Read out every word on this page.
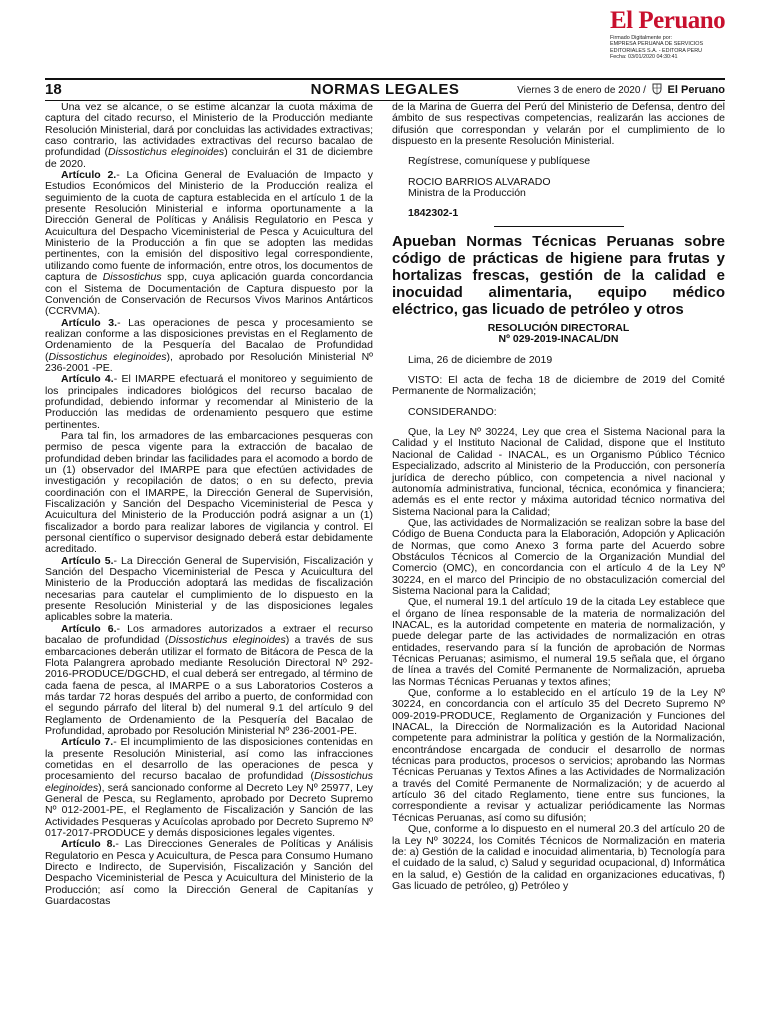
El Peruano
Firmado Digitalmente por:
EMPRESA PERUANA DE SERVICIOS
EDITORIALES S.A. - EDITORA PERU
Fecha: 03/01/2020 04:30:41
18	NORMAS LEGALES	Viernes 3 de enero de 2020 / El Peruano

Una vez se alcance, o se estime alcanzar la cuota máxima de captura del citado recurso, el Ministerio de la Producción mediante Resolución Ministerial, dará por concluidas las actividades extractivas; caso contrario, las actividades extractivas del recurso bacalao de profundidad (Dissostichus eleginoides) concluirán el 31 de diciembre de 2020.

Artículo 2.- La Oficina General de Evaluación de Impacto y Estudios Económicos del Ministerio de la Producción realiza el seguimiento de la cuota de captura establecida en el artículo 1 de la presente Resolución Ministerial e informa oportunamente a la Dirección General de Políticas y Análisis Regulatorio en Pesca y Acuicultura del Despacho Viceministerial de Pesca y Acuicultura del Ministerio de la Producción a fin que se adopten las medidas pertinentes, con la emisión del dispositivo legal correspondiente, utilizando como fuente de información, entre otros, los documentos de captura de Dissostichus spp, cuya aplicación guarda concordancia con el Sistema de Documentación de Captura dispuesto por la Convención de Conservación de Recursos Vivos Marinos Antárticos (CCRVMA).

Artículo 3.- Las operaciones de pesca y procesamiento se realizan conforme a las disposiciones previstas en el Reglamento de Ordenamiento de la Pesquería del Bacalao de Profundidad (Dissostichus eleginoides), aprobado por Resolución Ministerial Nº 236-2001 -PE.

Artículo 4.- El IMARPE efectuará el monitoreo y seguimiento de los principales indicadores biológicos del recurso bacalao de profundidad, debiendo informar y recomendar al Ministerio de la Producción las medidas de ordenamiento pesquero que estime pertinentes.

Para tal fin, los armadores de las embarcaciones pesqueras con permiso de pesca vigente para la extracción de bacalao de profundidad deben brindar las facilidades para el acomodo a bordo de un (1) observador del IMARPE para que efectúen actividades de investigación y recopilación de datos; o en su defecto, previa coordinación con el IMARPE, la Dirección General de Supervisión, Fiscalización y Sanción del Despacho Viceministerial de Pesca y Acuicultura del Ministerio de la Producción podrá asignar a un (1) fiscalizador a bordo para realizar labores de vigilancia y control. El personal científico o supervisor designado deberá estar debidamente acreditado.

Artículo 5.- La Dirección General de Supervisión, Fiscalización y Sanción del Despacho Viceministerial de Pesca y Acuicultura del Ministerio de la Producción adoptará las medidas de fiscalización necesarias para cautelar el cumplimiento de lo dispuesto en la presente Resolución Ministerial y de las disposiciones legales aplicables sobre la materia.

Artículo 6.- Los armadores autorizados a extraer el recurso bacalao de profundidad (Dissostichus eleginoides) a través de sus embarcaciones deberán utilizar el formato de Bitácora de Pesca de la Flota Palangrera aprobado mediante Resolución Directoral Nº 292-2016-PRODUCE/DGCHD, el cual deberá ser entregado, al término de cada faena de pesca, al IMARPE o a sus Laboratorios Costeros a más tardar 72 horas después del arribo a puerto, de conformidad con el segundo párrafo del literal b) del numeral 9.1 del artículo 9 del Reglamento de Ordenamiento de la Pesquería del Bacalao de Profundidad, aprobado por Resolución Ministerial Nº 236-2001-PE.

Artículo 7.- El incumplimiento de las disposiciones contenidas en la presente Resolución Ministerial, así como las infracciones cometidas en el desarrollo de las operaciones de pesca y procesamiento del recurso bacalao de profundidad (Dissostichus eleginoides), será sancionado conforme al Decreto Ley Nº 25977, Ley General de Pesca, su Reglamento, aprobado por Decreto Supremo Nº 012-2001-PE, el Reglamento de Fiscalización y Sanción de las Actividades Pesqueras y Acuícolas aprobado por Decreto Supremo Nº 017-2017-PRODUCE y demás disposiciones legales vigentes.

Artículo 8.- Las Direcciones Generales de Políticas y Análisis Regulatorio en Pesca y Acuicultura, de Pesca para Consumo Humano Directo e Indirecto, de Supervisión, Fiscalización y Sanción del Despacho Viceministerial de Pesca y Acuicultura del Ministerio de la Producción; así como la Dirección General de Capitanías y Guardacostas

de la Marina de Guerra del Perú del Ministerio de Defensa, dentro del ámbito de sus respectivas competencias, realizarán las acciones de difusión que correspondan y velarán por el cumplimiento de lo dispuesto en la presente Resolución Ministerial.

Regístrese, comuníquese y publíquese

ROCIO BARRIOS ALVARADO

Ministra de la Producción

1842302-1

Apueban Normas Técnicas Peruanas sobre código de prácticas de higiene para frutas y hortalizas frescas, gestión de la calidad e inocuidad alimentaria, equipo médico eléctrico, gas licuado de petróleo y otros

RESOLUCIÓN DIRECTORAL

Nº 029-2019-INACAL/DN

Lima, 26 de diciembre de 2019

VISTO: El acta de fecha 18 de diciembre de 2019 del Comité Permanente de Normalización;

CONSIDERANDO:

Que, la Ley Nº 30224, Ley que crea el Sistema Nacional para la Calidad y el Instituto Nacional de Calidad, dispone que el Instituto Nacional de Calidad - INACAL, es un Organismo Público Técnico Especializado, adscrito al Ministerio de la Producción, con personería jurídica de derecho público, con competencia a nivel nacional y autonomía administrativa, funcional, técnica, económica y financiera; además es el ente rector y máxima autoridad técnico normativa del Sistema Nacional para la Calidad;

Que, las actividades de Normalización se realizan sobre la base del Código de Buena Conducta para la Elaboración, Adopción y Aplicación de Normas, que como Anexo 3 forma parte del Acuerdo sobre Obstáculos Técnicos al Comercio de la Organización Mundial del Comercio (OMC), en concordancia con el artículo 4 de la Ley Nº 30224, en el marco del Principio de no obstaculización comercial del Sistema Nacional para la Calidad;

Que, el numeral 19.1 del artículo 19 de la citada Ley establece que el órgano de línea responsable de la materia de normalización del INACAL, es la autoridad competente en materia de normalización, y puede delegar parte de las actividades de normalización en otras entidades, reservando para sí la función de aprobación de Normas Técnicas Peruanas; asimismo, el numeral 19.5 señala que, el órgano de línea a través del Comité Permanente de Normalización, aprueba las Normas Técnicas Peruanas y textos afines;

Que, conforme a lo establecido en el artículo 19 de la Ley Nº 30224, en concordancia con el artículo 35 del Decreto Supremo Nº 009-2019-PRODUCE, Reglamento de Organización y Funciones del INACAL, la Dirección de Normalización es la Autoridad Nacional competente para administrar la política y gestión de la Normalización, encontrándose encargada de conducir el desarrollo de normas técnicas para productos, procesos o servicios; aprobando las Normas Técnicas Peruanas y Textos Afines a las Actividades de Normalización a través del Comité Permanente de Normalización; y de acuerdo al artículo 36 del citado Reglamento, tiene entre sus funciones, la correspondiente a revisar y actualizar periódicamente las Normas Técnicas Peruanas, así como su difusión;

Que, conforme a lo dispuesto en el numeral 20.3 del artículo 20 de la Ley Nº 30224, los Comités Técnicos de Normalización en materia de: a) Gestión de la calidad e inocuidad alimentaria, b) Tecnología para el cuidado de la salud, c) Salud y seguridad ocupacional, d) Informática en la salud, e) Gestión de la calidad en organizaciones educativas, f) Gas licuado de petróleo, g) Petróleo y
